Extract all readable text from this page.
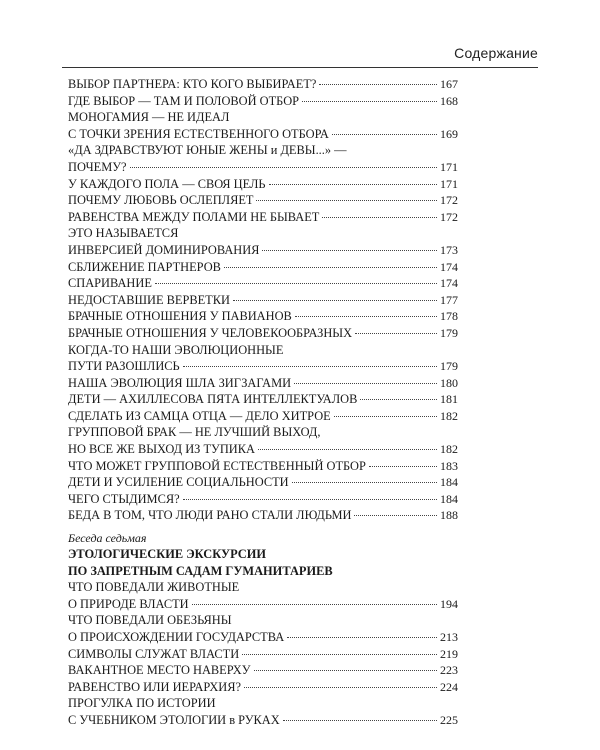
Содержание
ВЫБОР ПАРТНЕРА: КТО КОГО ВЫБИРАЕТ?	167
ГДЕ ВЫБОР — ТАМ И ПОЛОВОЙ ОТБОР	168
МОНОГАМИЯ — НЕ ИДЕАЛ
С ТОЧКИ ЗРЕНИЯ ЕСТЕСТВЕННОГО ОТБОРА	169
«ДА ЗДРАВСТВУЮТ ЮНЫЕ ЖЕНЫ и ДЕВЫ...» —
ПОЧЕМУ?	171
У КАЖДОГО ПОЛА — СВОЯ ЦЕЛЬ	171
ПОЧЕМУ ЛЮБОВЬ ОСЛЕПЛЯЕТ	172
РАВЕНСТВА МЕЖДУ ПОЛАМИ НЕ БЫВАЕТ	172
ЭТО НАЗЫВАЕТСЯ
ИНВЕРСИЕЙ ДОМИНИРОВАНИЯ	173
СБЛИЖЕНИЕ ПАРТНЕРОВ	174
СПАРИВАНИЕ	174
НЕДОСТАВШИЕ ВЕРВЕТКИ	177
БРАЧНЫЕ ОТНОШЕНИЯ У ПАВИАНОВ	178
БРАЧНЫЕ ОТНОШЕНИЯ У ЧЕЛОВЕКООБРАЗНЫХ	179
КОГДА-ТО НАШИ ЭВОЛЮЦИОННЫЕ
ПУТИ РАЗОШЛИСЬ	179
НАША ЭВОЛЮЦИЯ ШЛА ЗИГЗАГАМИ	180
ДЕТИ — АХИЛЛЕСОВА ПЯТА ИНТЕЛЛЕКТУАЛОВ	181
СДЕЛАТЬ ИЗ САМЦА ОТЦА — ДЕЛО ХИТРОЕ	182
ГРУППОВОЙ БРАК — НЕ ЛУЧШИЙ ВЫХОД,
НО ВСЕ ЖЕ ВЫХОД ИЗ ТУПИКА	182
ЧТО МОЖЕТ ГРУППОВОЙ ЕСТЕСТВЕННЫЙ ОТБОР	183
ДЕТИ И УСИЛЕНИЕ СОЦИАЛЬНОСТИ	184
ЧЕГО СТЫДИМСЯ?	184
БЕДА В ТОМ, ЧТО ЛЮДИ РАНО СТАЛИ ЛЮДЬМИ	188
Беседа седьмая
ЭТОЛОГИЧЕСКИЕ ЭКСКУРСИИ
ПО ЗАПРЕТНЫМ САДАМ ГУМАНИТАРИЕВ
ЧТО ПОВЕДАЛИ ЖИВОТНЫЕ
О ПРИРОДЕ ВЛАСТИ	194
ЧТО ПОВЕДАЛИ ОБЕЗЬЯНЫ
О ПРОИСХОЖДЕНИИ ГОСУДАРСТВА	213
СИМВОЛЫ СЛУЖАТ ВЛАСТИ	219
ВАКАНТНОЕ МЕСТО НАВЕРХУ	223
РАВЕНСТВО ИЛИ ИЕРАРХИЯ?	224
ПРОГУЛКА ПО ИСТОРИИ
С УЧЕБНИКОМ ЭТОЛОГИИ в РУКАХ	225
